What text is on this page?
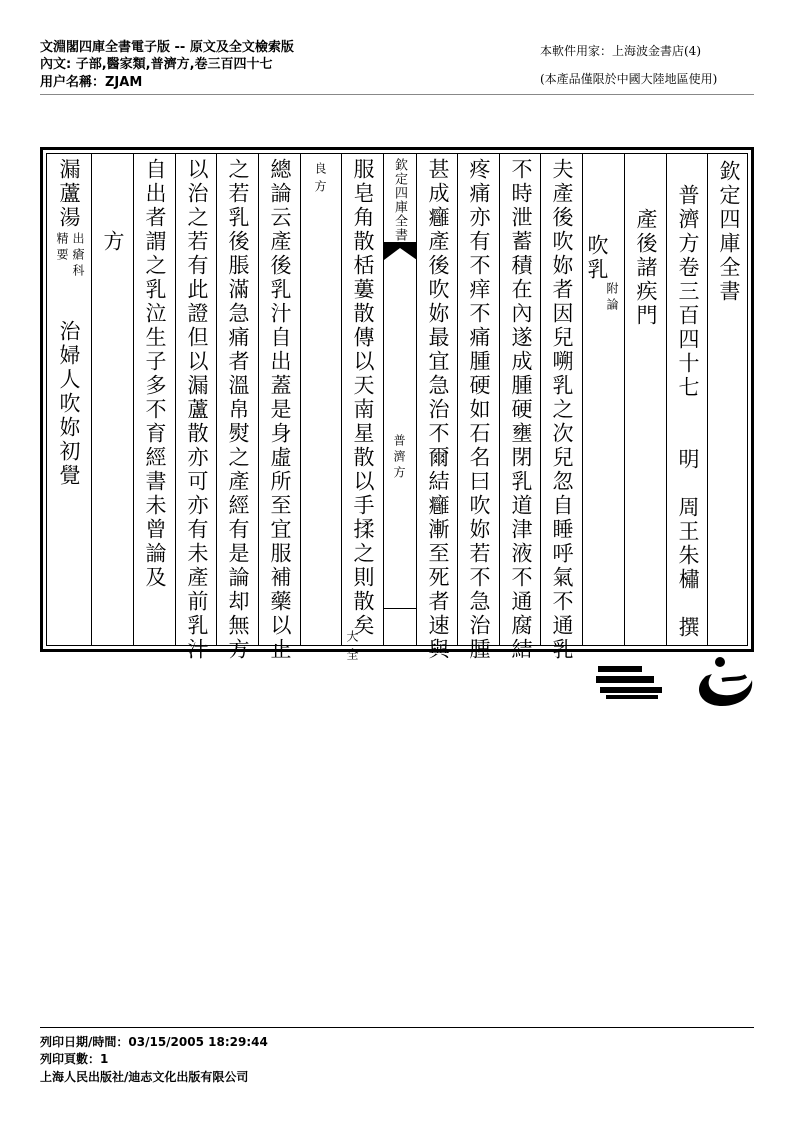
文淵閣四庫全書電子版 -- 原文及全文檢索版
內文: 子部,醫家類,普濟方,卷三百四十七
用户名稱：ZJAM
本軟件用家：上海波金書店(4)
(本產品僅限於中國大陸地區使用)
欽定四庫全書
普濟方卷三百四十七　　明　周王朱橚　撰
產後諸疾門
吹乳
附論
夫產後吹妳者因兒嗍乳之次兒忽自睡呼氣不通乳
不時泄蓄積在內遂成腫硬壅閉乳道津液不通腐結
疼痛亦有不痒不痛腫硬如石名曰吹妳若不急治腫
甚成癰產後吹妳最宜急治不爾結癰漸至死者速與
欽定四庫全書
普濟方
服皂角散栝蔞散傳以天南星散以手揉之則散矣
大全
良方
總論云產後乳汁自出蓋是身虛所至宜服補藥以止
之若乳後脹滿急痛者溫帛熨之產經有是論却無方
以治之若有此證但以漏蘆散亦可亦有未產前乳汁
自出者謂之乳泣生子多不育經書未曾論及
　　方
漏蘆湯
出瘡科
精要
治婦人吹妳初覺
列印日期/時間：03/15/2005 18:29:44
列印頁數：1
上海人民出版社/迪志文化出版有限公司
